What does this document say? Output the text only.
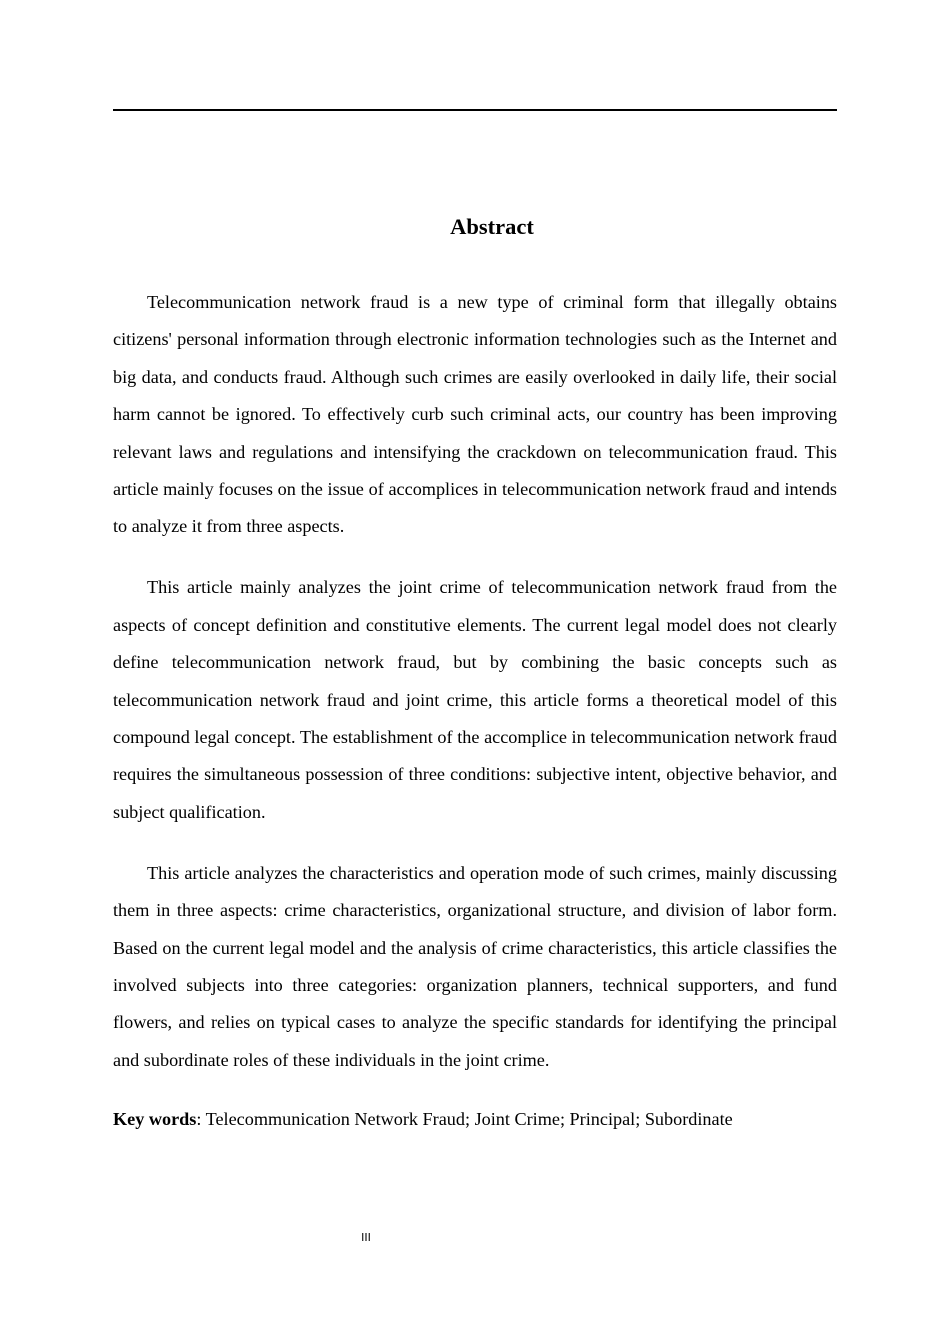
Abstract

Telecommunication network fraud is a new type of criminal form that illegally obtains citizens' personal information through electronic information technologies such as the Internet and big data, and conducts fraud. Although such crimes are easily overlooked in daily life, their social harm cannot be ignored. To effectively curb such criminal acts, our country has been improving relevant laws and regulations and intensifying the crackdown on telecommunication fraud. This article mainly focuses on the issue of accomplices in telecommunication network fraud and intends to analyze it from three aspects.

This article mainly analyzes the joint crime of telecommunication network fraud from the aspects of concept definition and constitutive elements. The current legal model does not clearly define telecommunication network fraud, but by combining the basic concepts such as telecommunication network fraud and joint crime, this article forms a theoretical model of this compound legal concept. The establishment of the accomplice in telecommunication network fraud requires the simultaneous possession of three conditions: subjective intent, objective behavior, and subject qualification.

This article analyzes the characteristics and operation mode of such crimes, mainly discussing them in three aspects: crime characteristics, organizational structure, and division of labor form. Based on the current legal model and the analysis of crime characteristics, this article classifies the involved subjects into three categories: organization planners, technical supporters, and fund flowers, and relies on typical cases to analyze the specific standards for identifying the principal and subordinate roles of these individuals in the joint crime.

Key words: Telecommunication Network Fraud; Joint Crime; Principal; Subordinate

III
